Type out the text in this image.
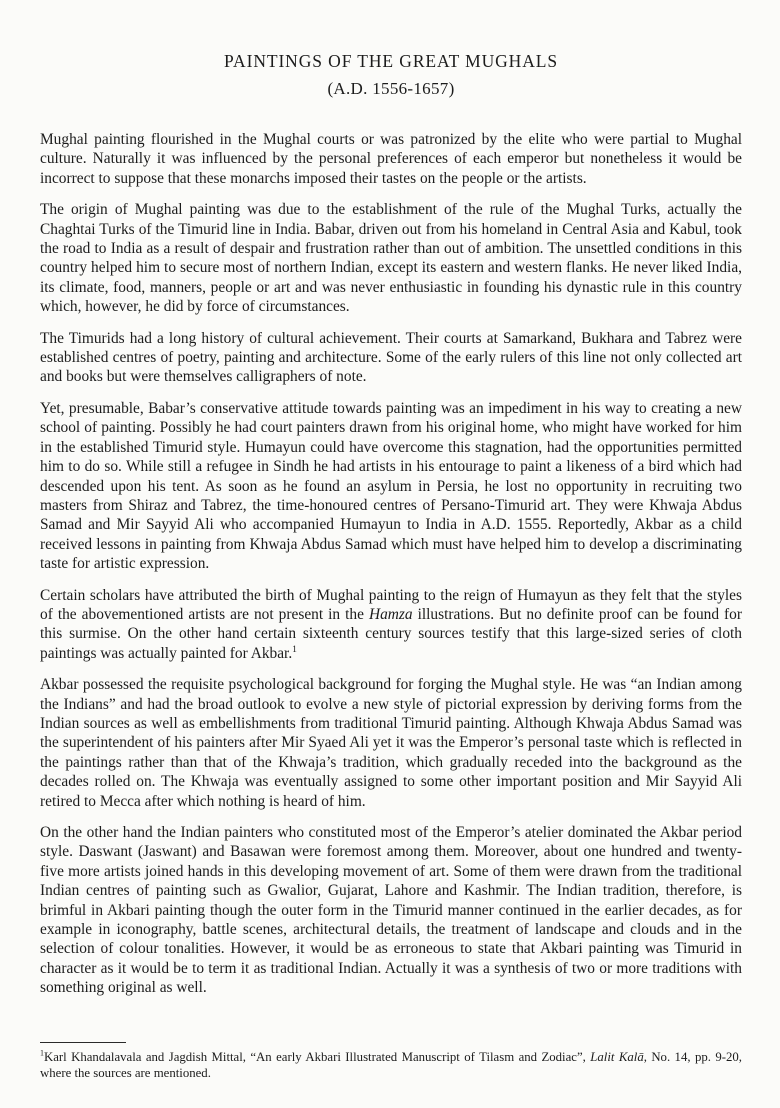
PAINTINGS OF THE GREAT MUGHALS
(A.D. 1556-1657)

Mughal painting flourished in the Mughal courts or was patronized by the elite who were partial to Mughal culture. Naturally it was influenced by the personal preferences of each emperor but nonetheless it would be incorrect to suppose that these monarchs imposed their tastes on the people or the artists.

The origin of Mughal painting was due to the establishment of the rule of the Mughal Turks, actually the Chaghtai Turks of the Timurid line in India. Babar, driven out from his homeland in Central Asia and Kabul, took the road to India as a result of despair and frustration rather than out of ambition. The unsettled conditions in this country helped him to secure most of northern Indian, except its eastern and western flanks. He never liked India, its climate, food, manners, people or art and was never enthusiastic in founding his dynastic rule in this country which, however, he did by force of circumstances.

The Timurids had a long history of cultural achievement. Their courts at Samarkand, Bukhara and Tabrez were established centres of poetry, painting and architecture. Some of the early rulers of this line not only collected art and books but were themselves calligraphers of note.

Yet, presumable, Babar’s conservative attitude towards painting was an impediment in his way to creating a new school of painting. Possibly he had court painters drawn from his original home, who might have worked for him in the established Timurid style. Humayun could have overcome this stagnation, had the opportunities permitted him to do so. While still a refugee in Sindh he had artists in his entourage to paint a likeness of a bird which had descended upon his tent. As soon as he found an asylum in Persia, he lost no opportunity in recruiting two masters from Shiraz and Tabrez, the time-honoured centres of Persano-Timurid art. They were Khwaja Abdus Samad and Mir Sayyid Ali who accompanied Humayun to India in A.D. 1555. Reportedly, Akbar as a child received lessons in painting from Khwaja Abdus Samad which must have helped him to develop a discriminating taste for artistic expression.

Certain scholars have attributed the birth of Mughal painting to the reign of Humayun as they felt that the styles of the abovementioned artists are not present in the Hamza illustrations. But no definite proof can be found for this surmise. On the other hand certain sixteenth century sources testify that this large-sized series of cloth paintings was actually painted for Akbar.$^1$

Akbar possessed the requisite psychological background for forging the Mughal style. He was “an Indian among the Indians” and had the broad outlook to evolve a new style of pictorial expression by deriving forms from the Indian sources as well as embellishments from traditional Timurid painting. Although Khwaja Abdus Samad was the superintendent of his painters after Mir Syaed Ali yet it was the Emperor’s personal taste which is reflected in the paintings rather than that of the Khwaja’s tradition, which gradually receded into the background as the decades rolled on. The Khwaja was eventually assigned to some other important position and Mir Sayyid Ali retired to Mecca after which nothing is heard of him.

On the other hand the Indian painters who constituted most of the Emperor’s atelier dominated the Akbar period style. Daswant (Jaswant) and Basawan were foremost among them. Moreover, about one hundred and twenty-five more artists joined hands in this developing movement of art. Some of them were drawn from the traditional Indian centres of painting such as Gwalior, Gujarat, Lahore and Kashmir. The Indian tradition, therefore, is brimful in Akbari painting though the outer form in the Timurid manner continued in the earlier decades, as for example in iconography, battle scenes, architectural details, the treatment of landscape and clouds and in the selection of colour tonalities. However, it would be as erroneous to state that Akbari painting was Timurid in character as it would be to term it as traditional Indian. Actually it was a synthesis of two or more traditions with something original as well.

$^1$Karl Khandalavala and Jagdish Mittal, “An early Akbari Illustrated Manuscript of Tilasm and Zodiac”, Lalit Kalā, No. 14, pp. 9-20, where the sources are mentioned.
